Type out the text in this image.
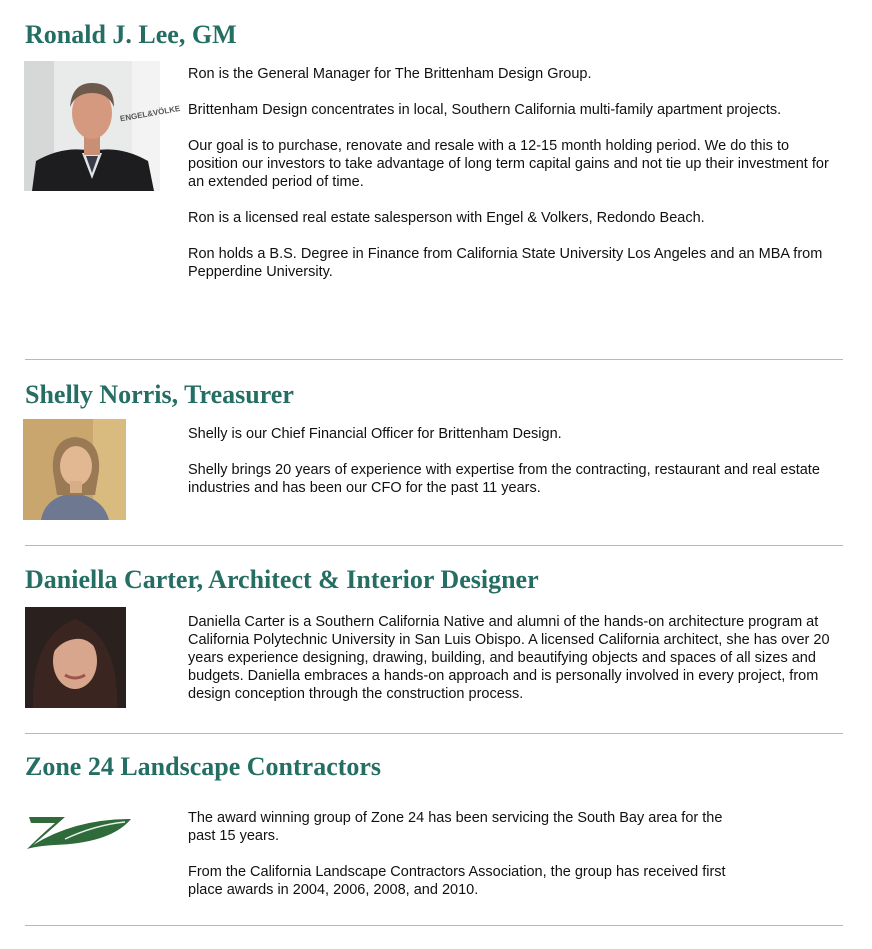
Ronald J. Lee, GM
ENGEL&VÖLKE

Ron is the General Manager for The Brittenham Design Group.

Brittenham Design concentrates in local, Southern California multi-family apartment projects.

Our goal is to purchase, renovate and resale with a 12-15 month holding period. We do this to position our investors to take advantage of long term capital gains and not tie up their investment for an extended period of time.

Ron is a licensed real estate salesperson with Engel & Volkers, Redondo Beach.

Ron holds a B.S. Degree in Finance from California State University Los Angeles and an MBA from Pepperdine University.

Shelly Norris, Treasurer

Shelly is our Chief Financial Officer for Brittenham Design.

Shelly brings 20 years of experience with expertise from the contracting, restaurant and real estate industries and has been our CFO for the past 11 years.

Daniella Carter, Architect & Interior Designer

Daniella Carter is a Southern California Native and alumni of the hands-on architecture program at California Polytechnic University in San Luis Obispo. A licensed California architect, she has over 20 years experience designing, drawing, building, and beautifying objects and spaces of all sizes and budgets. Daniella embraces a hands-on approach and is personally involved in every project, from design conception through the construction process.

Zone 24 Landscape Contractors

The award winning group of Zone 24 has been servicing the South Bay area for the past 15 years.

From the California Landscape Contractors Association, the group has received first place awards in 2004, 2006, 2008, and 2010.
